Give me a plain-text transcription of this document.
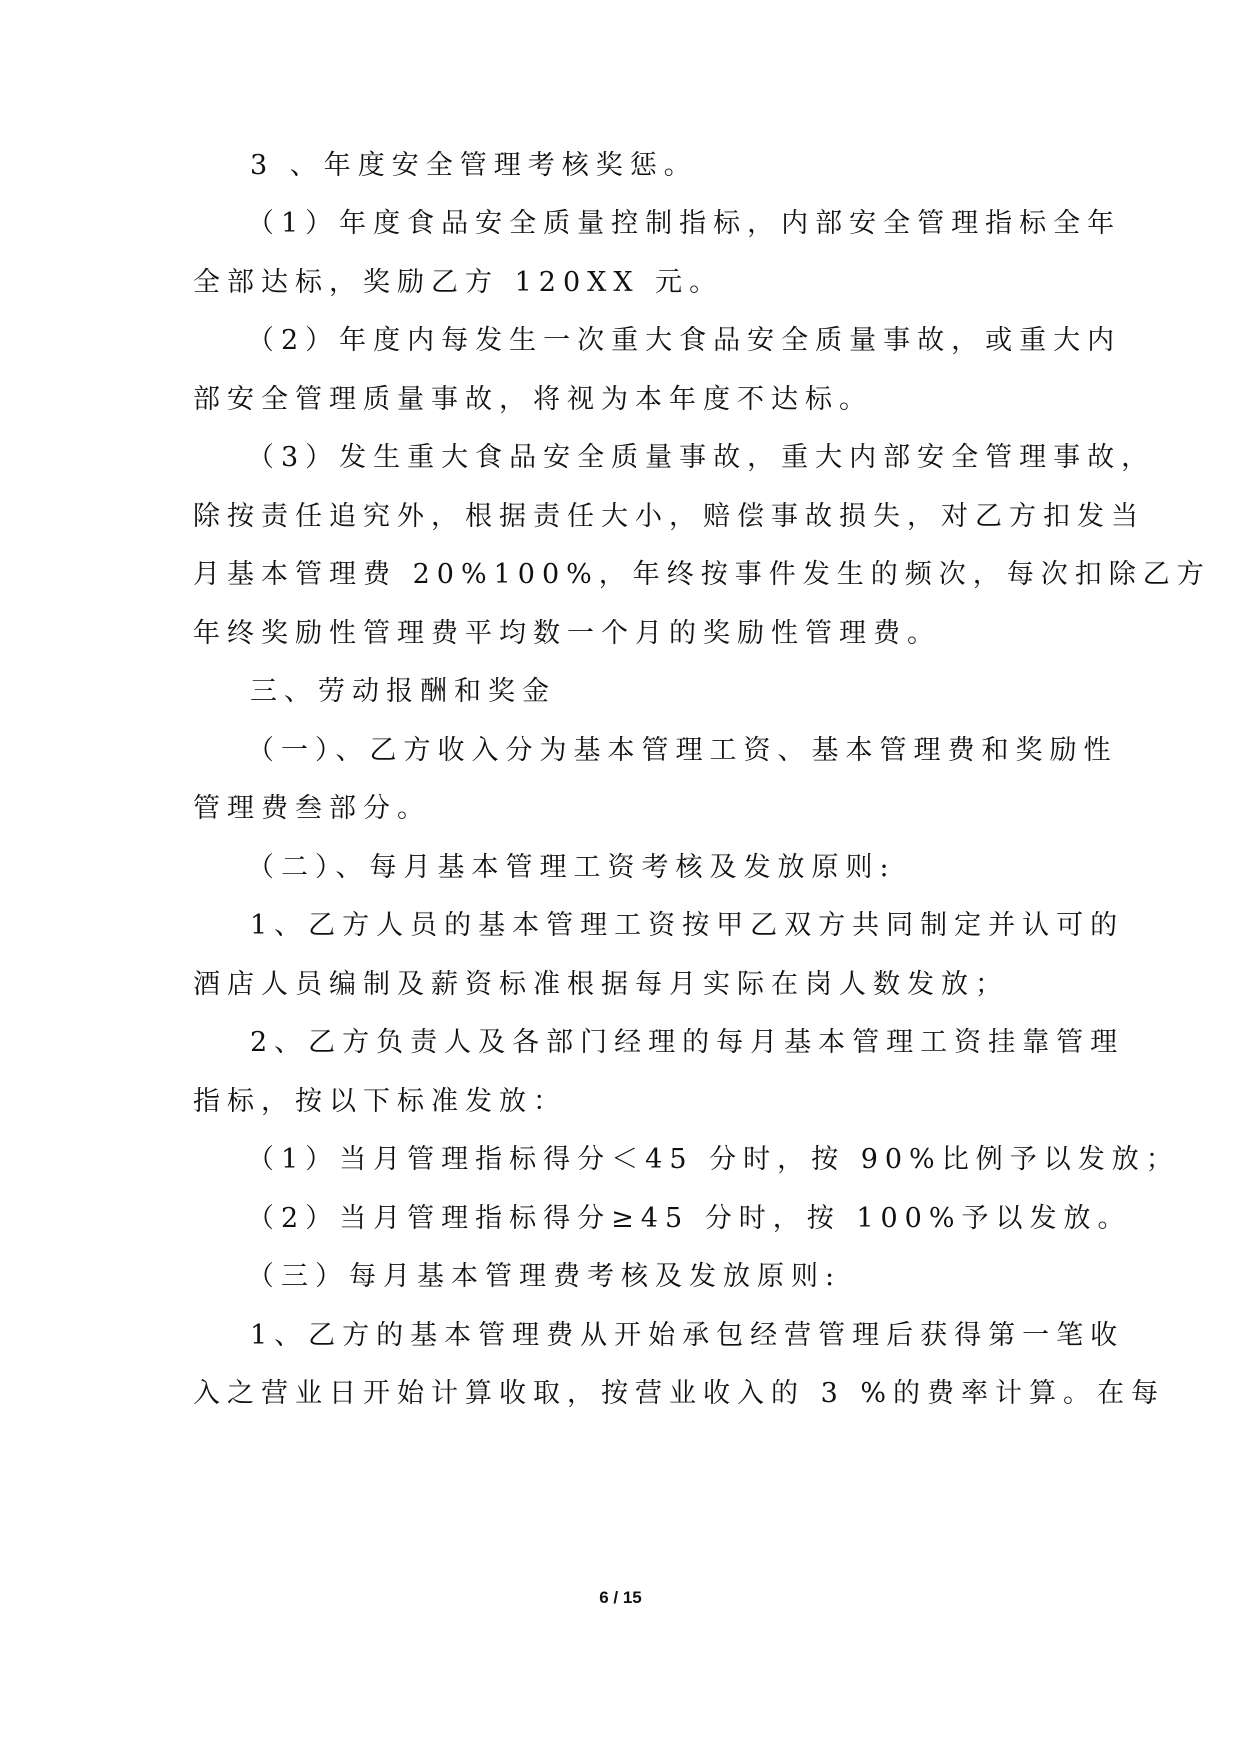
3 、年度安全管理考核奖惩。
（1）年度食品安全质量控制指标，内部安全管理指标全年
全部达标，奖励乙方 120XX 元。
（2）年度内每发生一次重大食品安全质量事故，或重大内
部安全管理质量事故，将视为本年度不达标。
（3）发生重大食品安全质量事故，重大内部安全管理事故，
除按责任追究外，根据责任大小，赔偿事故损失，对乙方扣发当
月基本管理费 20%100%，年终按事件发生的频次，每次扣除乙方
年终奖励性管理费平均数一个月的奖励性管理费。
三、劳动报酬和奖金
（一）、乙方收入分为基本管理工资、基本管理费和奖励性
管理费叁部分。
（二）、每月基本管理工资考核及发放原则:
1、乙方人员的基本管理工资按甲乙双方共同制定并认可的
酒店人员编制及薪资标准根据每月实际在岗人数发放；
2、乙方负责人及各部门经理的每月基本管理工资挂靠管理
指标，按以下标准发放：
（1）当月管理指标得分＜45 分时，按 90%比例予以发放；
（2）当月管理指标得分≥45 分时，按 100%予以发放。
（三）每月基本管理费考核及发放原则:
1、乙方的基本管理费从开始承包经营管理后获得第一笔收
入之营业日开始计算收取，按营业收入的 3 %的费率计算。在每
6 / 15
